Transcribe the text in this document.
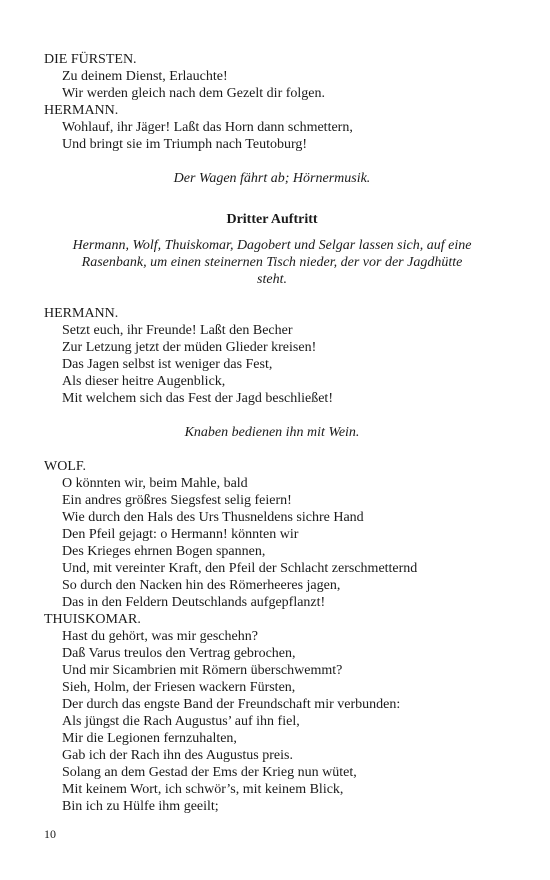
DIE FÜRSTEN.
Zu deinem Dienst, Erlauchte!
Wir werden gleich nach dem Gezelt dir folgen.
HERMANN.
Wohlauf, ihr Jäger! Laßt das Horn dann schmettern,
Und bringt sie im Triumph nach Teutoburg!
Der Wagen fährt ab; Hörnermusik.
Dritter Auftritt
Hermann, Wolf, Thuiskomar, Dagobert und Selgar lassen sich, auf eine
Rasenbank, um einen steinernen Tisch nieder, der vor der Jagdhütte
steht.
HERMANN.
Setzt euch, ihr Freunde! Laßt den Becher
Zur Letzung jetzt der müden Glieder kreisen!
Das Jagen selbst ist weniger das Fest,
Als dieser heitre Augenblick,
Mit welchem sich das Fest der Jagd beschließet!
Knaben bedienen ihn mit Wein.
WOLF.
O könnten wir, beim Mahle, bald
Ein andres größres Siegsfest selig feiern!
Wie durch den Hals des Urs Thusneldens sichre Hand
Den Pfeil gejagt: o Hermann! könnten wir
Des Krieges ehrnen Bogen spannen,
Und, mit vereinter Kraft, den Pfeil der Schlacht zerschmetternd
So durch den Nacken hin des Römerheeres jagen,
Das in den Feldern Deutschlands aufgepflanzt!
THUISKOMAR.
Hast du gehört, was mir geschehn?
Daß Varus treulos den Vertrag gebrochen,
Und mir Sicambrien mit Römern überschwemmt?
Sieh, Holm, der Friesen wackern Fürsten,
Der durch das engste Band der Freundschaft mir verbunden:
Als jüngst die Rach Augustus’ auf ihn fiel,
Mir die Legionen fernzuhalten,
Gab ich der Rach ihn des Augustus preis.
Solang an dem Gestad der Ems der Krieg nun wütet,
Mit keinem Wort, ich schwör’s, mit keinem Blick,
Bin ich zu Hülfe ihm geeilt;
10
